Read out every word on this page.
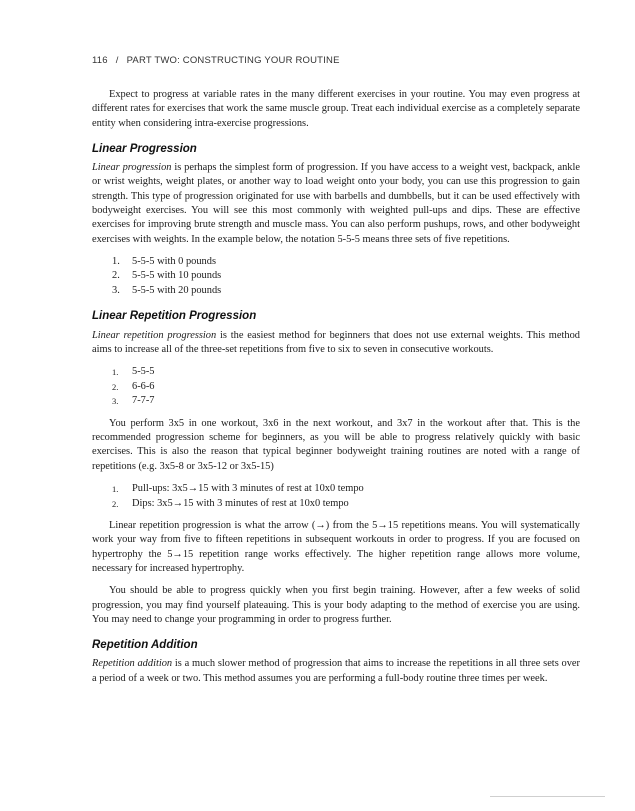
116 / PART TWO: CONSTRUCTING YOUR ROUTINE

Expect to progress at variable rates in the many different exercises in your routine. You may even progress at different rates for exercises that work the same muscle group. Treat each individual exercise as a completely separate entity when considering intra-exercise progressions.

Linear Progression

Linear progression is perhaps the simplest form of progression. If you have access to a weight vest, backpack, ankle or wrist weights, weight plates, or another way to load weight onto your body, you can use this progression to gain strength. This type of progression originated for use with barbells and dumbbells, but it can be used effectively with bodyweight exercises. You will see this most commonly with weighted pull-ups and dips. These are effective exercises for improving brute strength and muscle mass. You can also perform pushups, rows, and other bodyweight exercises with weights. In the example below, the notation 5-5-5 means three sets of five repetitions.

1.	5-5-5 with 0 pounds
2.	5-5-5 with 10 pounds
3.	5-5-5 with 20 pounds
Linear Repetition Progression

Linear repetition progression is the easiest method for beginners that does not use external weights. This method aims to increase all of the three-set repetitions from five to six to seven in consecutive workouts.

1.	5-5-5
2.	6-6-6
3.	7-7-7

You perform 3x5 in one workout, 3x6 in the next workout, and 3x7 in the workout after that. This is the recommended progression scheme for beginners, as you will be able to progress relatively quickly with basic exercises. This is also the reason that typical beginner bodyweight training routines are noted with a range of repetitions (e.g. 3x5-8 or 3x5-12 or 3x5-15)

1.	Pull-ups: 3x5→15 with 3 minutes of rest at 10x0 tempo
2.	Dips: 3x5→15 with 3 minutes of rest at 10x0 tempo

Linear repetition progression is what the arrow (→) from the 5→15 repetitions means. You will systematically work your way from five to fifteen repetitions in subsequent workouts in order to progress. If you are focused on hypertrophy the 5→15 repetition range works effectively. The higher repetition range allows more volume, necessary for increased hypertrophy.

You should be able to progress quickly when you first begin training. However, after a few weeks of solid progression, you may find yourself plateauing. This is your body adapting to the method of exercise you are using. You may need to change your programming in order to progress further.

Repetition Addition

Repetition addition is a much slower method of progression that aims to increase the repetitions in all three sets over a period of a week or two. This method assumes you are performing a full-body routine three times per week.
